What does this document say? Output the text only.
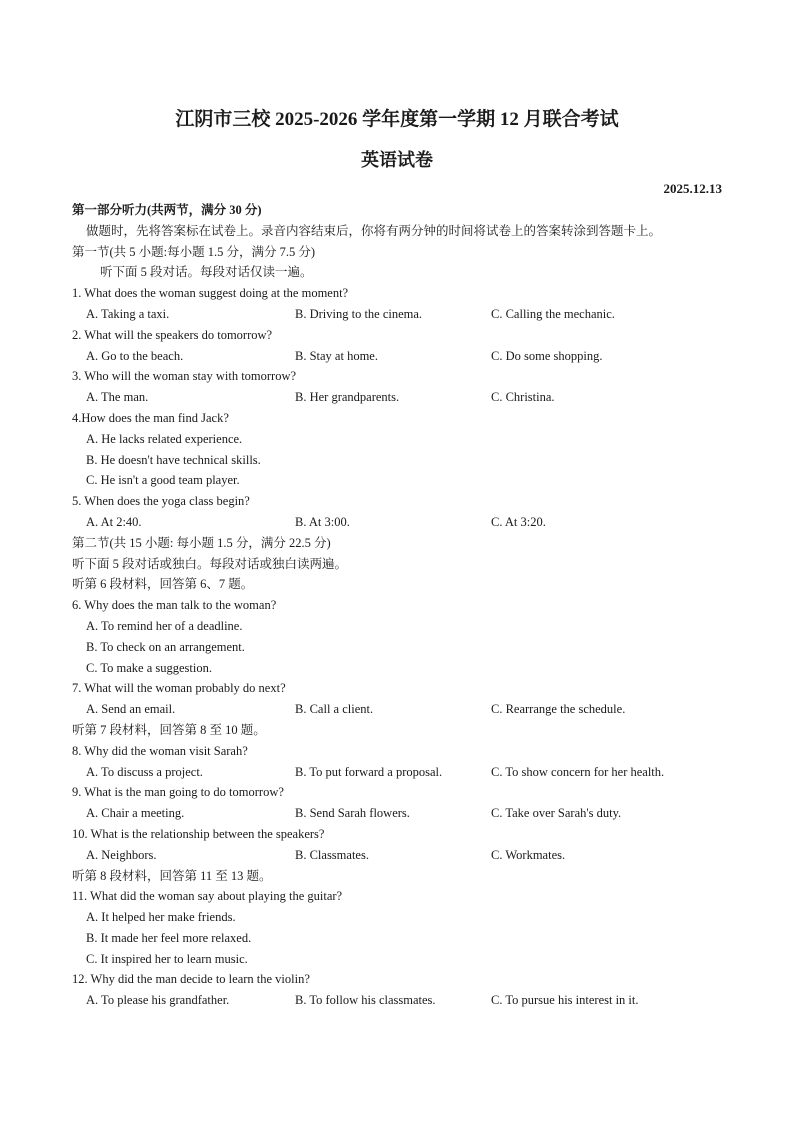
江阴市三校 2025-2026 学年度第一学期 12 月联合考试
英语试卷
2025.12.13
第一部分听力(共两节，满分 30 分)
做题时，先将答案标在试卷上。录音内容结束后，你将有两分钟的时间将试卷上的答案转涂到答题卡上。
第一节(共 5 小题:每小题 1.5 分，满分 7.5 分)
听下面 5 段对话。每段对话仅读一遍。
1. What does the woman suggest doing at the moment?
A. Taking a taxi.	B. Driving to the cinema.	C. Calling the mechanic.
2. What will the speakers do tomorrow?
A. Go to the beach.	B. Stay at home.	C. Do some shopping.
3. Who will the woman stay with tomorrow?
A. The man.	B. Her grandparents.	C. Christina.
4.How does the man find Jack?
A. He lacks related experience.
B. He doesn't have technical skills.
C. He isn't a good team player.
5. When does the yoga class begin?
A. At 2:40.	B. At 3:00.	C. At 3:20.
第二节(共 15 小题: 每小题 1.5 分，满分 22.5 分)
听下面 5 段对话或独白。每段对话或独白读两遍。
听第 6 段材料，回答第 6、7 题。
6. Why does the man talk to the woman?
A. To remind her of a deadline.
B. To check on an arrangement.
C. To make a suggestion.
7. What will the woman probably do next?
A. Send an email.	B. Call a client.	C. Rearrange the schedule.
听第 7 段材料，回答第 8 至 10 题。
8. Why did the woman visit Sarah?
A. To discuss a project.	B. To put forward a proposal.	C. To show concern for her health.
9. What is the man going to do tomorrow?
A. Chair a meeting.	B. Send Sarah flowers.	C. Take over Sarah's duty.
10. What is the relationship between the speakers?
A. Neighbors.	B. Classmates.	C. Workmates.
听第 8 段材料，回答第 11 至 13 题。
11. What did the woman say about playing the guitar?
A. It helped her make friends.
B. It made her feel more relaxed.
C. It inspired her to learn music.
12. Why did the man decide to learn the violin?
A. To please his grandfather.	B. To follow his classmates.	C. To pursue his interest in it.
